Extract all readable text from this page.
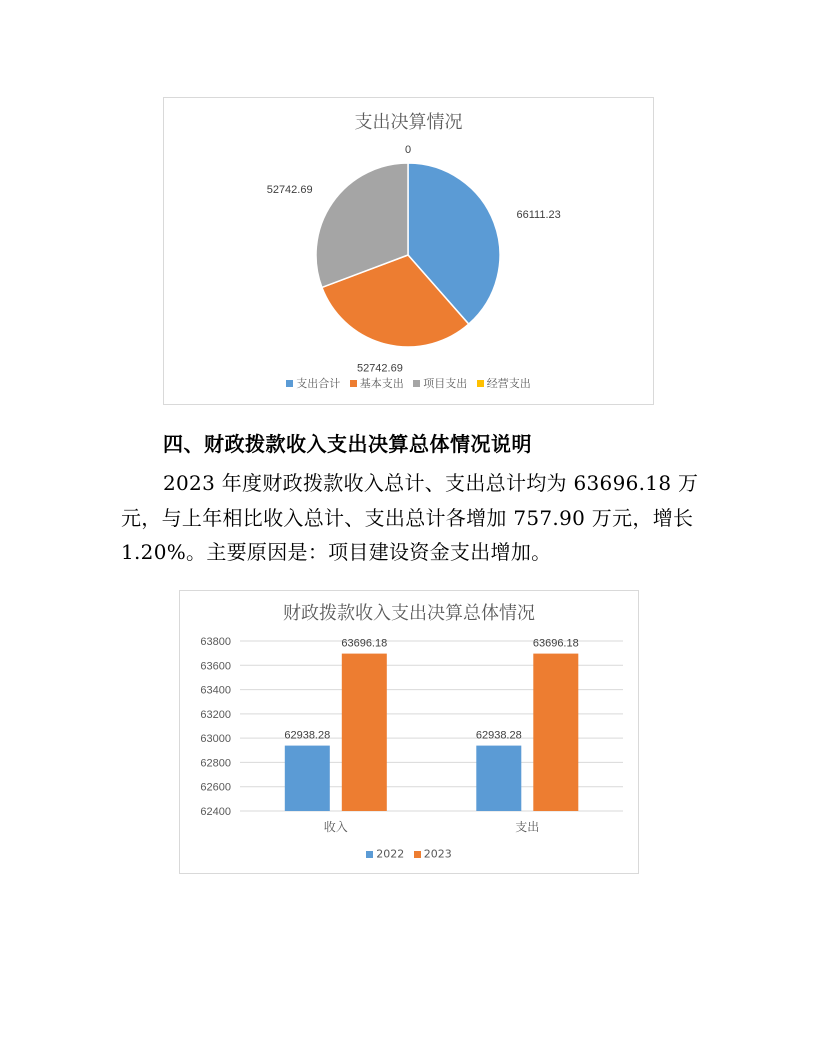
支出决算情况
66111.23
52742.69
52742.69
0
支出合计 基本支出 项目支出 经营支出
四、财政拨款收入支出决算总体情况说明
2023 年度财政拨款收入总计、支出总计均为 63696.18 万元，与上年相比收入总计、支出总计各增加 757.90 万元，增长 1.20%。主要原因是：项目建设资金支出增加。
财政拨款收入支出决算总体情况
62400
62600
62800
63000
63200
63400
63600
63800
收入
62938.28
63696.18
支出
62938.28
63696.18
2022 2023
